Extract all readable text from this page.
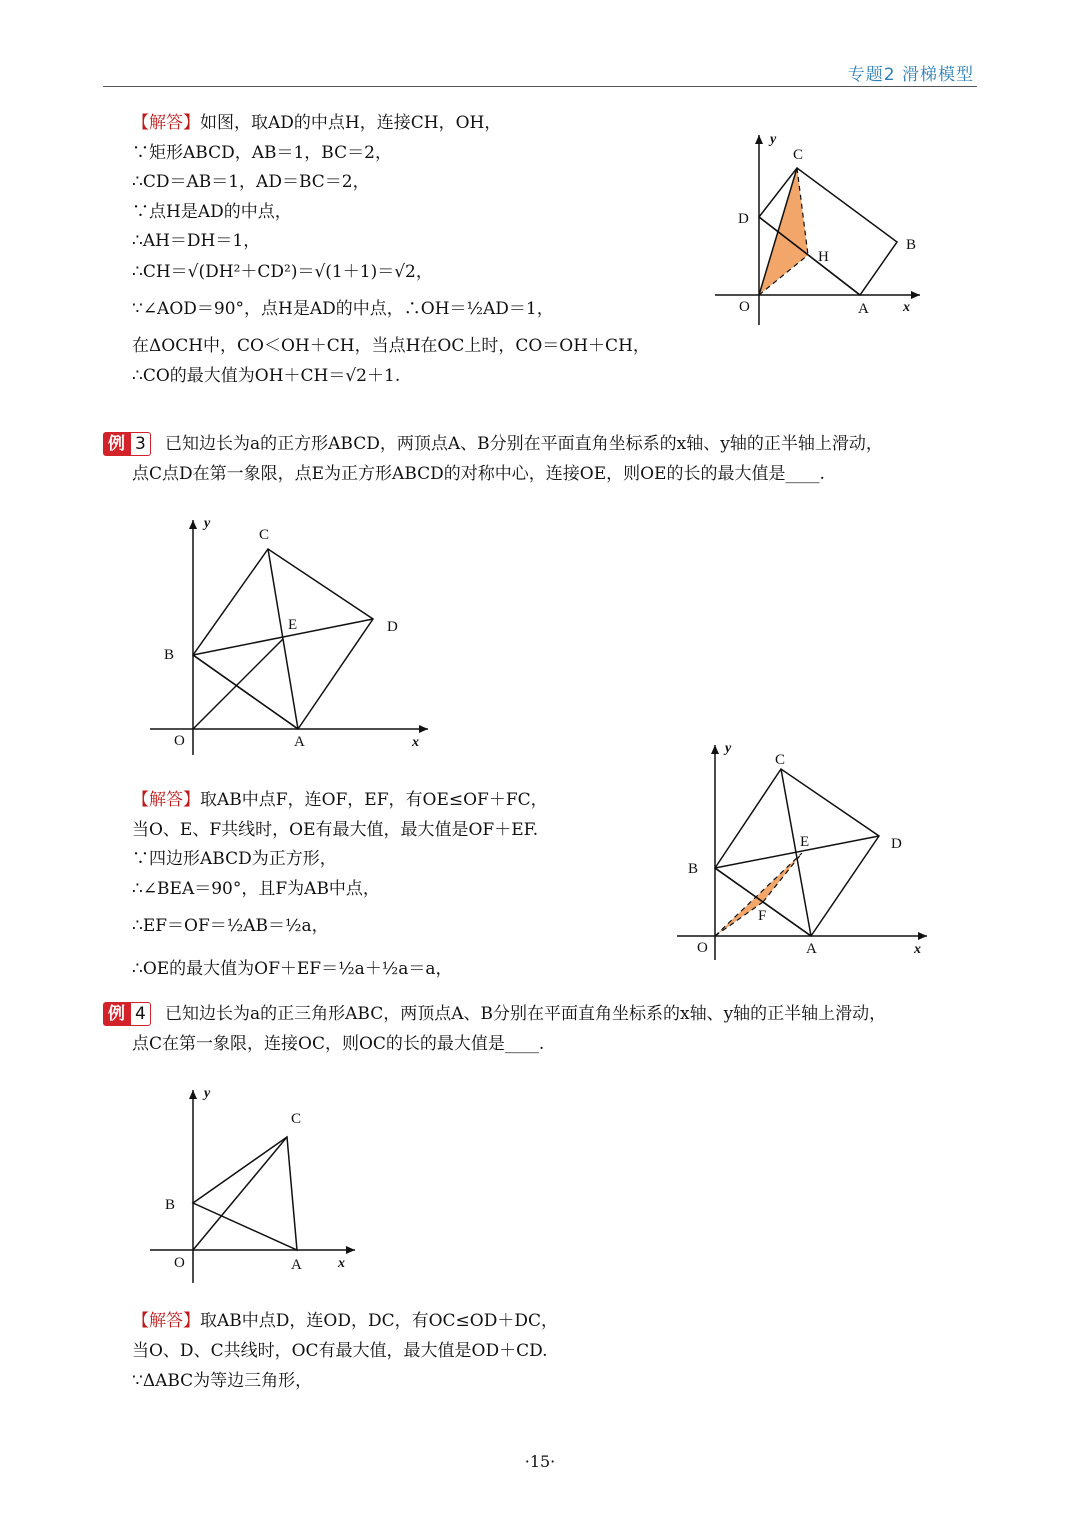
专题2 滑梯模型
【解答】如图，取AD的中点H，连接CH，OH，
∵矩形ABCD，AB＝1，BC＝2，
∴CD＝AB＝1，AD＝BC＝2，
∵点H是AD的中点，
∴AH＝DH＝1，
∴CH＝√(DH²＋CD²)＝√(1＋1)＝√2，
∵∠AOD＝90°，点H是AD的中点，∴OH＝½AD＝1，
在ΔOCH中，CO＜OH＋CH，当点H在OC上时，CO＝OH＋CH，
∴CO的最大值为OH＋CH＝√2＋1.
y
C
D
H
B
O	A x
例 3 已知边长为a的正方形ABCD，两顶点A、B分别在平面直角坐标系的x轴、y轴的正半轴上滑动，
点C点D在第一象限，点E为正方形ABCD的对称中心，连接OE，则OE的长的最大值是____.
y
C
E	D
B
O	A	x
【解答】取AB中点F，连OF，EF，有OE≤OF＋FC，
当O、E、F共线时，OE有最大值，最大值是OF＋EF.
∵四边形ABCD为正方形，
∴∠BEA＝90°，且F为AB中点，
∴EF＝OF＝½AB＝½a，
∴OE的最大值为OF＋EF＝½a＋½a＝a，
y
C
E	D
B
F
O	A	x
例 4 已知边长为a的正三角形ABC，两顶点A、B分别在平面直角坐标系的x轴、y轴的正半轴上滑动，
点C在第一象限，连接OC，则OC的长的最大值是____.
y
C
B
O	A	x
【解答】取AB中点D，连OD，DC，有OC≤OD＋DC，
当O、D、C共线时，OC有最大值，最大值是OD＋CD.
∵ΔABC为等边三角形，
·15·
